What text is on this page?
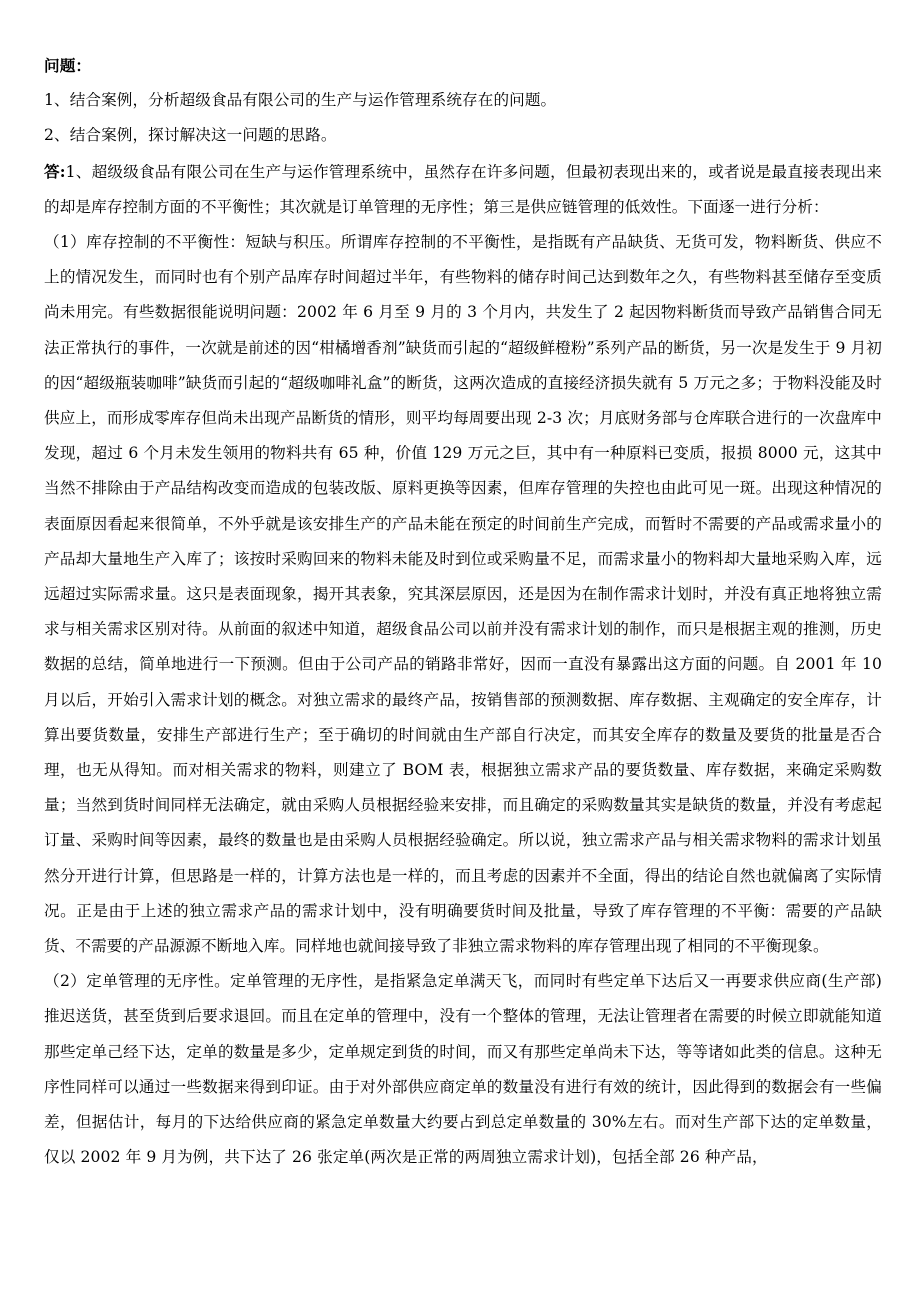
问题：

1、结合案例，分析超级食品有限公司的生产与运作管理系统存在的问题。

2、结合案例，探讨解决这一问题的思路。

答:1、超级级食品有限公司在生产与运作管理系统中，虽然存在许多问题，但最初表现出来的，或者说是最直接表现出来的却是库存控制方面的不平衡性；其次就是订单管理的无序性；第三是供应链管理的低效性。下面逐一进行分析：

（1）库存控制的不平衡性：短缺与积压。所谓库存控制的不平衡性，是指既有产品缺货、无货可发，物料断货、供应不上的情况发生，而同时也有个别产品库存时间超过半年，有些物料的储存时间己达到数年之久，有些物料甚至储存至变质尚未用完。有些数据很能说明问题：2002 年 6 月至 9 月的 3 个月内，共发生了 2 起因物料断货而导致产品销售合同无法正常执行的事件，一次就是前述的因“柑橘增香剂”缺货而引起的“超级鲜橙粉”系列产品的断货，另一次是发生于 9 月初的因“超级瓶装咖啡”缺货而引起的“超级咖啡礼盒”的断货，这两次造成的直接经济损失就有 5 万元之多；于物料没能及时供应上，而形成零库存但尚未出现产品断货的情形，则平均每周要出现 2-3 次；月底财务部与仓库联合进行的一次盘库中发现，超过 6 个月未发生领用的物料共有 65 种，价值 129 万元之巨，其中有一种原料已变质，报损 8000 元，这其中当然不排除由于产品结构改变而造成的包装改版、原料更换等因素，但库存管理的失控也由此可见一斑。出现这种情况的表面原因看起来很简单，不外乎就是该安排生产的产品未能在预定的时间前生产完成，而暂时不需要的产品或需求量小的产品却大量地生产入库了；该按时采购回来的物料未能及时到位或采购量不足，而需求量小的物料却大量地采购入库，远远超过实际需求量。这只是表面现象，揭开其表象，究其深层原因，还是因为在制作需求计划时，并没有真正地将独立需求与相关需求区别对待。从前面的叙述中知道，超级食品公司以前并没有需求计划的制作，而只是根据主观的推测，历史数据的总结，简单地进行一下预测。但由于公司产品的销路非常好，因而一直没有暴露出这方面的问题。自 2001 年 10 月以后，开始引入需求计划的概念。对独立需求的最终产品，按销售部的预测数据、库存数据、主观确定的安全库存，计算出要货数量，安排生产部进行生产；至于确切的时间就由生产部自行决定，而其安全库存的数量及要货的批量是否合理，也无从得知。而对相关需求的物料，则建立了 BOM 表，根据独立需求产品的要货数量、库存数据，来确定采购数量；当然到货时间同样无法确定，就由采购人员根据经验来安排，而且确定的采购数量其实是缺货的数量，并没有考虑起订量、采购时间等因素，最终的数量也是由采购人员根据经验确定。所以说，独立需求产品与相关需求物料的需求计划虽然分开进行计算，但思路是一样的，计算方法也是一样的，而且考虑的因素并不全面，得出的结论自然也就偏离了实际情况。正是由于上述的独立需求产品的需求计划中，没有明确要货时间及批量，导致了库存管理的不平衡：需要的产品缺货、不需要的产品源源不断地入库。同样地也就间接导致了非独立需求物料的库存管理出现了相同的不平衡现象。

（2）定单管理的无序性。定单管理的无序性，是指紧急定单满天飞，而同时有些定单下达后又一再要求供应商(生产部)推迟送货，甚至货到后要求退回。而且在定单的管理中，没有一个整体的管理，无法让管理者在需要的时候立即就能知道那些定单己经下达，定单的数量是多少，定单规定到货的时间，而又有那些定单尚未下达，等等诸如此类的信息。这种无序性同样可以通过一些数据来得到印证。由于对外部供应商定单的数量没有进行有效的统计，因此得到的数据会有一些偏差，但据估计，每月的下达给供应商的紧急定单数量大约要占到总定单数量的 30%左右。而对生产部下达的定单数量，仅以 2002 年 9 月为例，共下达了 26 张定单(两次是正常的两周独立需求计划)，包括全部 26 种产品，
